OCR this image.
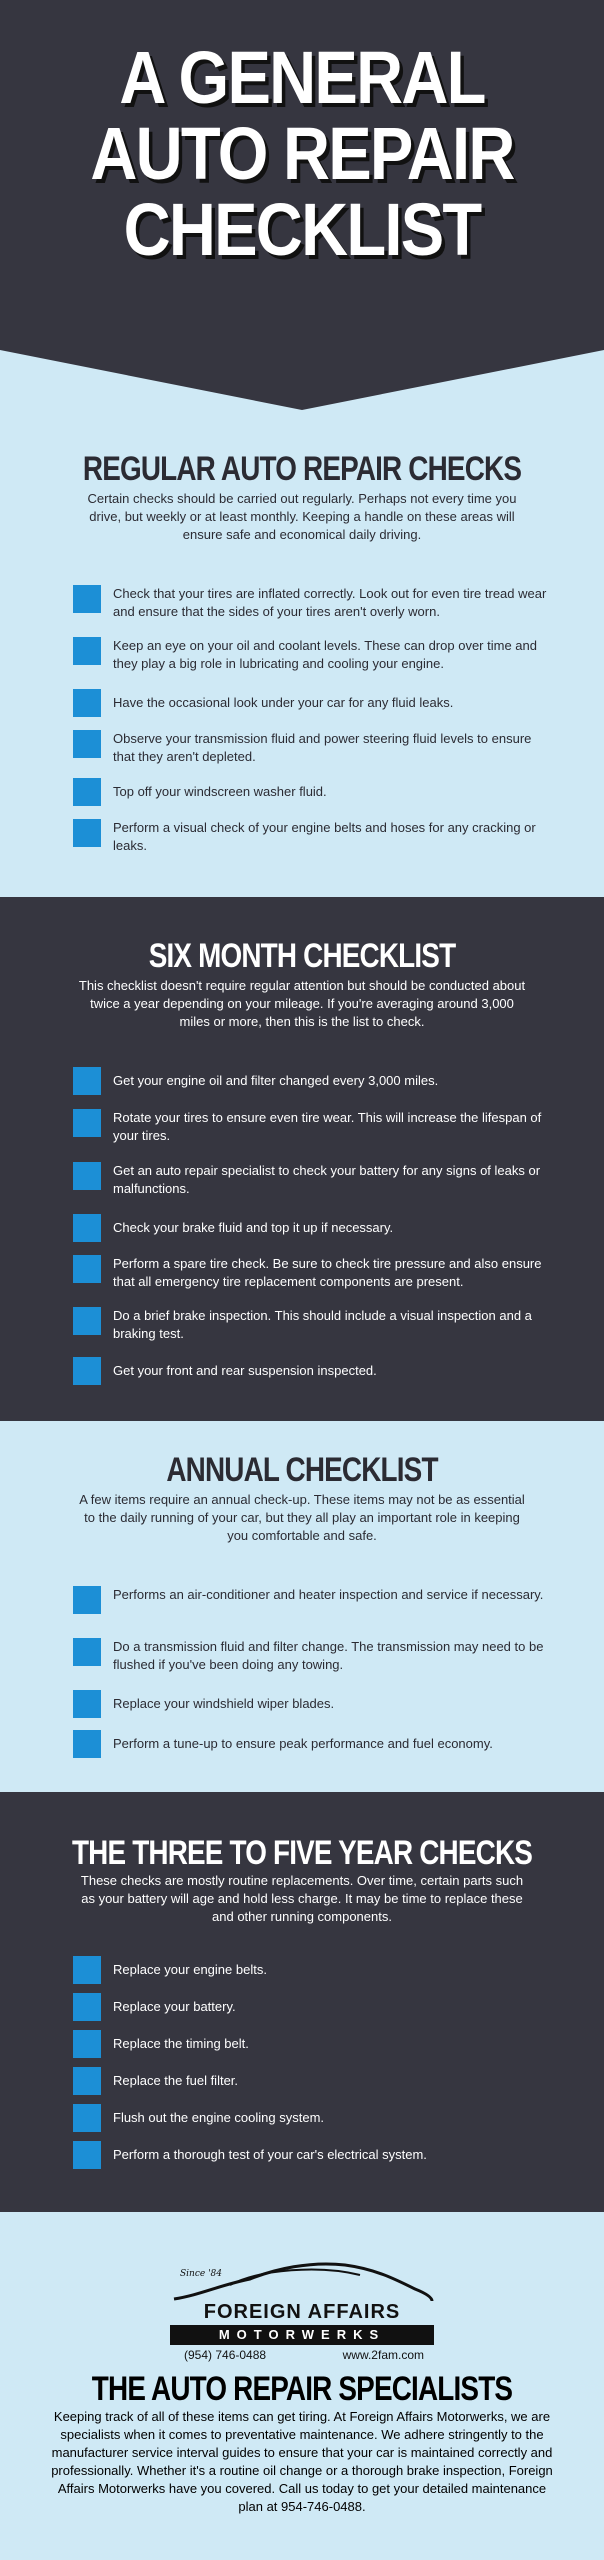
A GENERAL
AUTO REPAIR
CHECKLIST
REGULAR AUTO REPAIR CHECKS
Certain checks should be carried out regularly. Perhaps not every time you drive, but weekly or at least monthly. Keeping a handle on these areas will ensure safe and economical daily driving.
Check that your tires are inflated correctly. Look out for even tire tread wear and ensure that the sides of your tires aren't overly worn.
Keep an eye on your oil and coolant levels. These can drop over time and they play a big role in lubricating and cooling your engine.
Have the occasional look under your car for any fluid leaks.
Observe your transmission fluid and power steering fluid levels to ensure that they aren't depleted.
Top off your windscreen washer fluid.
Perform a visual check of your engine belts and hoses for any cracking or leaks.
SIX MONTH CHECKLIST
This checklist doesn't require regular attention but should be conducted about twice a year depending on your mileage. If you're averaging around 3,000 miles or more, then this is the list to check.
Get your engine oil and filter changed every 3,000 miles.
Rotate your tires to ensure even tire wear. This will increase the lifespan of your tires.
Get an auto repair specialist to check your battery for any signs of leaks or malfunctions.
Check your brake fluid and top it up if necessary.
Perform a spare tire check. Be sure to check tire pressure and also ensure that all emergency tire replacement components are present.
Do a brief brake inspection. This should include a visual inspection and a braking test.
Get your front and rear suspension inspected.
ANNUAL CHECKLIST
A few items require an annual check-up. These items may not be as essential to the daily running of your car, but they all play an important role in keeping you comfortable and safe.
Performs an air-conditioner and heater inspection and service if necessary.
Do a transmission fluid and filter change. The transmission may need to be flushed if you've been doing any towing.
Replace your windshield wiper blades.
Perform a tune-up to ensure peak performance and fuel economy.
THE THREE TO FIVE YEAR CHECKS
These checks are mostly routine replacements. Over time, certain parts such as your battery will age and hold less charge. It may be time to replace these and other running components.
Replace your engine belts.
Replace your battery.
Replace the timing belt.
Replace the fuel filter.
Flush out the engine cooling system.
Perform a thorough test of your car's electrical system.
Since '84
FOREIGN AFFAIRS
MOTORWERKS
(954) 746-0488	www.2fam.com
THE AUTO REPAIR SPECIALISTS
Keeping track of all of these items can get tiring. At Foreign Affairs Motorwerks, we are specialists when it comes to preventative maintenance. We adhere stringently to the manufacturer service interval guides to ensure that your car is maintained correctly and professionally. Whether it's a routine oil change or a thorough brake inspection, Foreign Affairs Motorwerks have you covered. Call us today to get your detailed maintenance plan at 954-746-0488.
